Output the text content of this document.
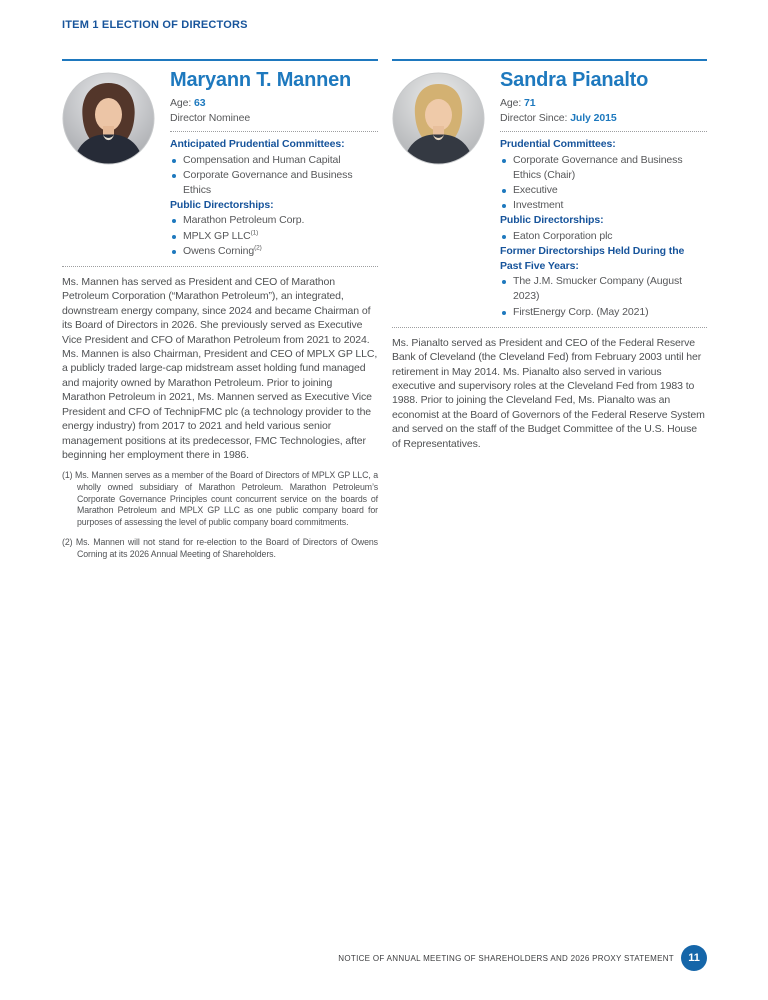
ITEM 1 ELECTION OF DIRECTORS
Maryann T. Mannen
Age: 63
Director Nominee
Anticipated Prudential Committees:
Compensation and Human Capital
Corporate Governance and Business Ethics
Public Directorships:
Marathon Petroleum Corp.
MPLX GP LLC$^{(1)}$
Owens Corning$^{(2)}$

Ms. Mannen has served as President and CEO of Marathon Petroleum Corporation (“Marathon Petroleum”), an integrated, downstream energy company, since 2024 and became Chairman of its Board of Directors in 2026. She previously served as Executive Vice President and CFO of Marathon Petroleum from 2021 to 2024. Ms. Mannen is also Chairman, President and CEO of MPLX GP LLC, a publicly traded large-cap midstream asset holding fund managed and majority owned by Marathon Petroleum. Prior to joining Marathon Petroleum in 2021, Ms. Mannen served as Executive Vice President and CFO of TechnipFMC plc (a technology provider to the energy industry) from 2017 to 2021 and held various senior management positions at its predecessor, FMC Technologies, after beginning her employment there in 1986.

(1) Ms. Mannen serves as a member of the Board of Directors of MPLX GP LLC, a wholly owned subsidiary of Marathon Petroleum. Marathon Petroleum’s Corporate Governance Principles count concurrent service on the boards of Marathon Petroleum and MPLX GP LLC as one public company board for purposes of assessing the level of public company board commitments.
(2) Ms. Mannen will not stand for re-election to the Board of Directors of Owens Corning at its 2026 Annual Meeting of Shareholders.
Sandra Pianalto
Age: 71
Director Since: July 2015
Prudential Committees:
Corporate Governance and Business Ethics (Chair)
Executive
Investment
Public Directorships:
Eaton Corporation plc
Former Directorships Held During the Past Five Years:
The J.M. Smucker Company (August 2023)
FirstEnergy Corp. (May 2021)

Ms. Pianalto served as President and CEO of the Federal Reserve Bank of Cleveland (the Cleveland Fed) from February 2003 until her retirement in May 2014. Ms. Pianalto also served in various executive and supervisory roles at the Cleveland Fed from 1983 to 1988. Prior to joining the Cleveland Fed, Ms. Pianalto was an economist at the Board of Governors of the Federal Reserve System and served on the staff of the Budget Committee of the U.S. House of Representatives.

NOTICE OF ANNUAL MEETING OF SHAREHOLDERS AND 2026 PROXY STATEMENT	11
